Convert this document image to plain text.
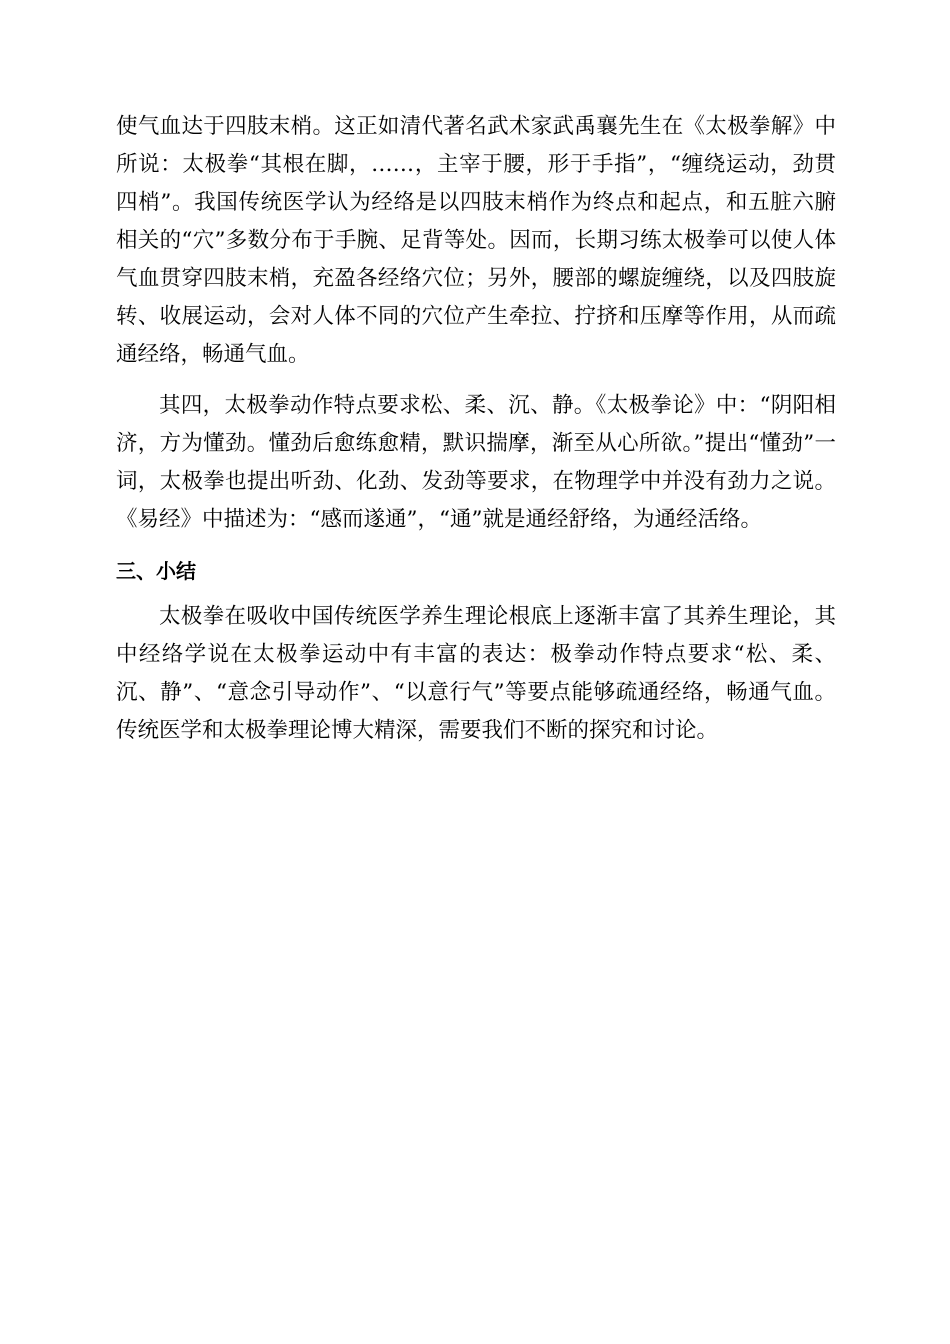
使气血达于四肢末梢。这正如清代著名武术家武禹襄先生在《太极拳解》中所说：太极拳“其根在脚，……，主宰于腰，形于手指”，“缠绕运动，劲贯四梢”。我国传统医学认为经络是以四肢末梢作为终点和起点，和五脏六腑相关的“穴”多数分布于手腕、足背等处。因而，长期习练太极拳可以使人体气血贯穿四肢末梢，充盈各经络穴位；另外，腰部的螺旋缠绕，以及四肢旋转、收展运动，会对人体不同的穴位产生牵拉、拧挤和压摩等作用，从而疏通经络，畅通气血。

其四，太极拳动作特点要求松、柔、沉、静。《太极拳论》中：“阴阳相济，方为懂劲。懂劲后愈练愈精，默识揣摩，渐至从心所欲。”提出“懂劲”一词，太极拳也提出听劲、化劲、发劲等要求，在物理学中并没有劲力之说。《易经》中描述为：“感而遂通”，“通”就是通经舒络，为通经活络。

三、小结

太极拳在吸收中国传统医学养生理论根底上逐渐丰富了其养生理论，其中经络学说在太极拳运动中有丰富的表达：极拳动作特点要求“松、柔、沉、静”、“意念引导动作”、“以意行气”等要点能够疏通经络，畅通气血。传统医学和太极拳理论博大精深，需要我们不断的探究和讨论。
